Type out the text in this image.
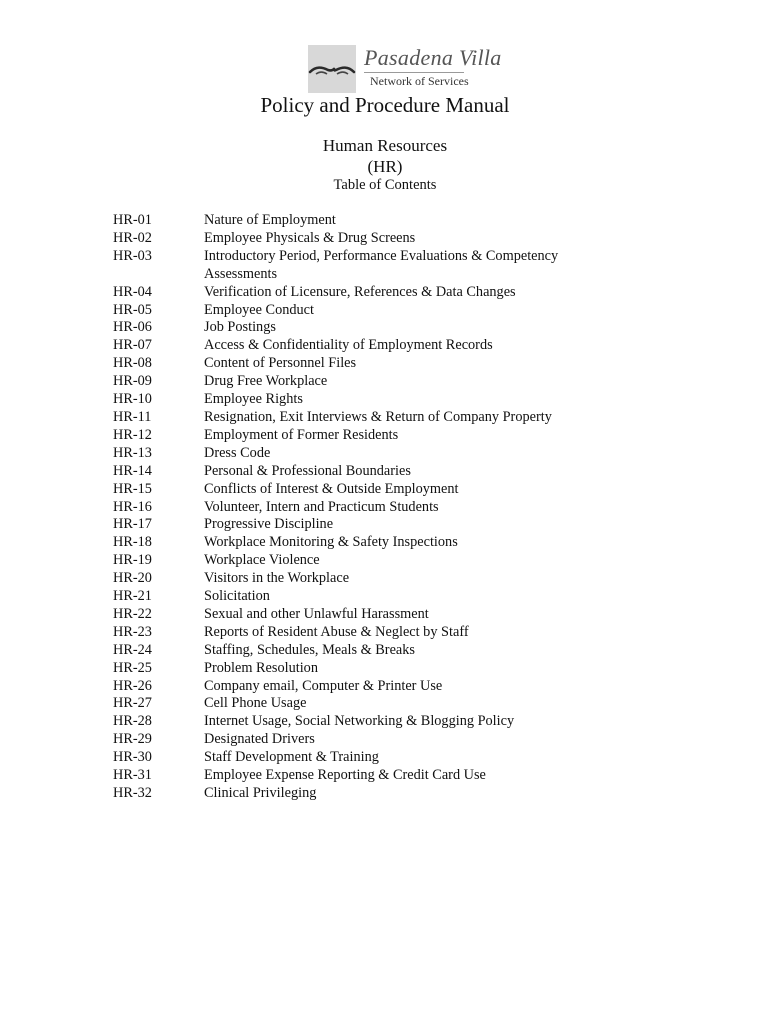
Pasadena Villa
Network of Services
Policy and Procedure Manual
Human Resources
(HR)
Table of Contents
HR-01	Nature of Employment
HR-02	Employee Physicals & Drug Screens
HR-03	Introductory Period, Performance Evaluations & Competency Assessments
HR-04	Verification of Licensure, References & Data Changes
HR-05	Employee Conduct
HR-06	Job Postings
HR-07	Access & Confidentiality of Employment Records
HR-08	Content of Personnel Files
HR-09	Drug Free Workplace
HR-10	Employee Rights
HR-11	Resignation, Exit Interviews & Return of Company Property
HR-12	Employment of Former Residents
HR-13	Dress Code
HR-14	Personal & Professional Boundaries
HR-15	Conflicts of Interest & Outside Employment
HR-16	Volunteer, Intern and Practicum Students
HR-17	Progressive Discipline
HR-18	Workplace Monitoring & Safety Inspections
HR-19	Workplace Violence
HR-20	Visitors in the Workplace
HR-21	Solicitation
HR-22	Sexual and other Unlawful Harassment
HR-23	Reports of Resident Abuse & Neglect by Staff
HR-24	Staffing, Schedules, Meals & Breaks
HR-25	Problem Resolution
HR-26	Company email, Computer & Printer Use
HR-27	Cell Phone Usage
HR-28	Internet Usage, Social Networking & Blogging Policy
HR-29	Designated Drivers
HR-30	Staff Development & Training
HR-31	Employee Expense Reporting & Credit Card Use
HR-32	Clinical Privileging
